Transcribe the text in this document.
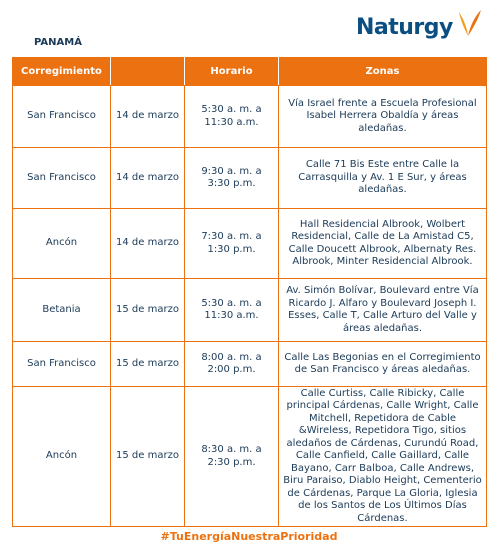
PANAMÁ
Naturgy
Corregimiento		Horario	Zonas
San Francisco	14 de marzo	5:30 a. m. a 11:30 a.m.	Vía Israel frente a Escuela Profesional Isabel Herrera Obaldía y áreas aledañas.
San Francisco	14 de marzo	9:30 a. m. a 3:30 p.m.	Calle 71 Bis Este entre Calle la Carrasquilla y Av. 1 E Sur, y áreas aledañas.
Ancón	14 de marzo	7:30 a. m. a 1:30 p.m.	Hall Residencial Albrook, Wolbert Residencial, Calle de La Amistad C5, Calle Doucett Albrook, Albernaty Res. Albrook, Minter Residencial Albrook.
Betania	15 de marzo	5:30 a. m. a 11:30 a.m.	Av. Simón Bolívar, Boulevard entre Vía Ricardo J. Alfaro y Boulevard Joseph I. Esses, Calle T, Calle Arturo del Valle y áreas aledañas.
San Francisco	15 de marzo	8:00 a. m. a 2:00 p.m.	Calle Las Begonias en el Corregimiento de San Francisco y áreas aledañas.
Ancón	15 de marzo	8:30 a. m. a 2:30 p.m.	Calle Curtiss, Calle Ribicky, Calle principal Cárdenas, Calle Wright, Calle Mitchell, Repetidora de Cable &Wireless, Repetidora Tigo, sitios aledaños de Cárdenas, Curundú Road, Calle Canfield, Calle Gaillard, Calle Bayano, Carr Balboa, Calle Andrews, Biru Paraiso, Diablo Height, Cementerio de Cárdenas, Parque La Gloria, Iglesia de los Santos de Los Últimos Días Cárdenas.
#TuEnergíaNuestraPrioridad
